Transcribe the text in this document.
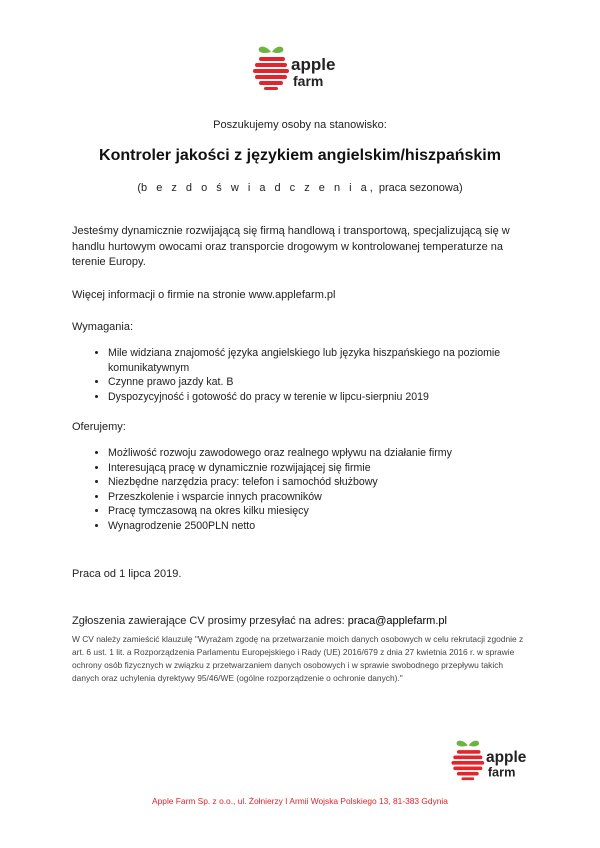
apple
farm
Poszukujemy osoby na stanowisko:
Kontroler jakości z językiem angielskim/hiszpańskim
(b e z d o ś w i a d c z e n i a, praca sezonowa)

Jesteśmy dynamicznie rozwijającą się firmą handlową i transportową, specjalizującą się w handlu hurtowym owocami oraz transporcie drogowym w kontrolowanej temperaturze na terenie Europy.

Więcej informacji o firmie na stronie www.applefarm.pl

Wymagania:
• Mile widziana znajomość języka angielskiego lub języka hiszpańskiego na poziomie komunikatywnym
• Czynne prawo jazdy kat. B
• Dyspozycyjność i gotowość do pracy w terenie w lipcu-sierpniu 2019
Oferujemy:
• Możliwość rozwoju zawodowego oraz realnego wpływu na działanie firmy
• Interesującą pracę w dynamicznie rozwijającej się firmie
• Niezbędne narzędzia pracy: telefon i samochód służbowy
• Przeszkolenie i wsparcie innych pracowników
• Pracę tymczasową na okres kilku miesięcy
• Wynagrodzenie 2500PLN netto
Praca od 1 lipca 2019.
Zgłoszenia zawierające CV prosimy przesyłać na adres: praca@applefarm.pl

W CV należy zamieścić klauzulę "Wyrażam zgodę na przetwarzanie moich danych osobowych w celu rekrutacji zgodnie z art. 6 ust. 1 lit. a Rozporządzenia Parlamentu Europejskiego i Rady (UE) 2016/679 z dnia 27 kwietnia 2016 r. w sprawie ochrony osób fizycznych w związku z przetwarzaniem danych osobowych i w sprawie swobodnego przepływu takich danych oraz uchylenia dyrektywy 95/46/WE (ogólne rozporządzenie o ochronie danych)."

apple
farm
Apple Farm Sp. z o.o., ul. Żołnierzy I Armii Wojska Polskiego 13, 81-383 Gdynia
